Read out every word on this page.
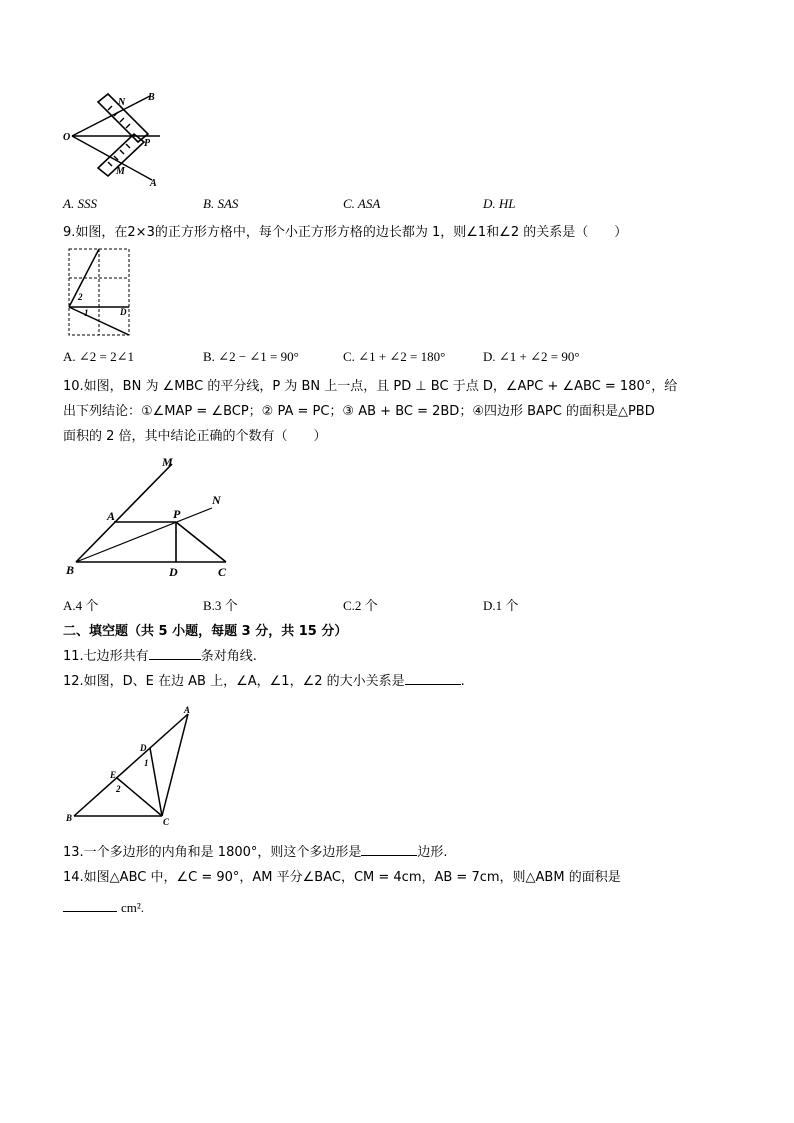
N B
O
P
M
A
A. SSS	B. SAS	C. ASA	D. HL
9.如图，在2×3的正方形方格中，每个小正方形方格的边长都为 1，则∠1和∠2 的关系是（　　）
2
1	D
A. ∠2 = 2∠1	B. ∠2 − ∠1 = 90°	C. ∠1 + ∠2 = 180°	D. ∠1 + ∠2 = 90°
10.如图，BN 为 ∠MBC 的平分线，P 为 BN 上一点，且 PD ⊥ BC 于点 D，∠APC + ∠ABC = 180°，给
出下列结论：①∠MAP = ∠BCP；② PA = PC；③ AB + BC = 2BD；④四边形 BAPC 的面积是△PBD
面积的 2 倍，其中结论正确的个数有（　　）
M
N
A	P
B	D	C
A.4 个	B.3 个	C.2 个	D.1 个
二、填空题（共 5 小题，每题 3 分，共 15 分）
11.七边形共有	条对角线.
12.如图，D、E 在边 AB 上，∠A，∠1，∠2 的大小关系是	.
A
D
1
E
2
B	C
13.一个多边形的内角和是 1800°，则这个多边形是	边形.
14.如图△ABC 中，∠C = 90°，AM 平分∠BAC，CM = 4cm，AB = 7cm，则△ABM 的面积是
cm².
